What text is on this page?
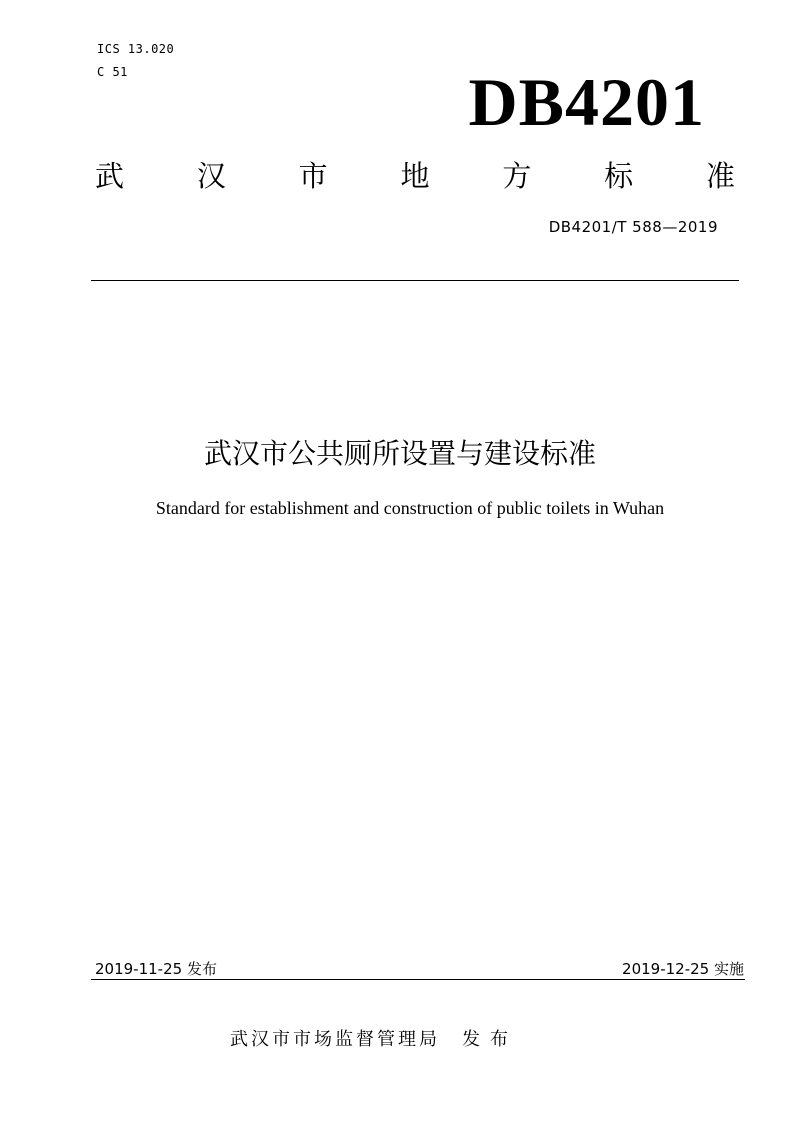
ICS 13.020
C 51	DB4201
武	汉	市	地	方	标	准
DB4201/T 588—2019
武汉市公共厕所设置与建设标准
Standard for establishment and construction of public toilets in Wuhan
2019-11-25 发布	2019-12-25 实施
武汉市市场监督管理局 发布
